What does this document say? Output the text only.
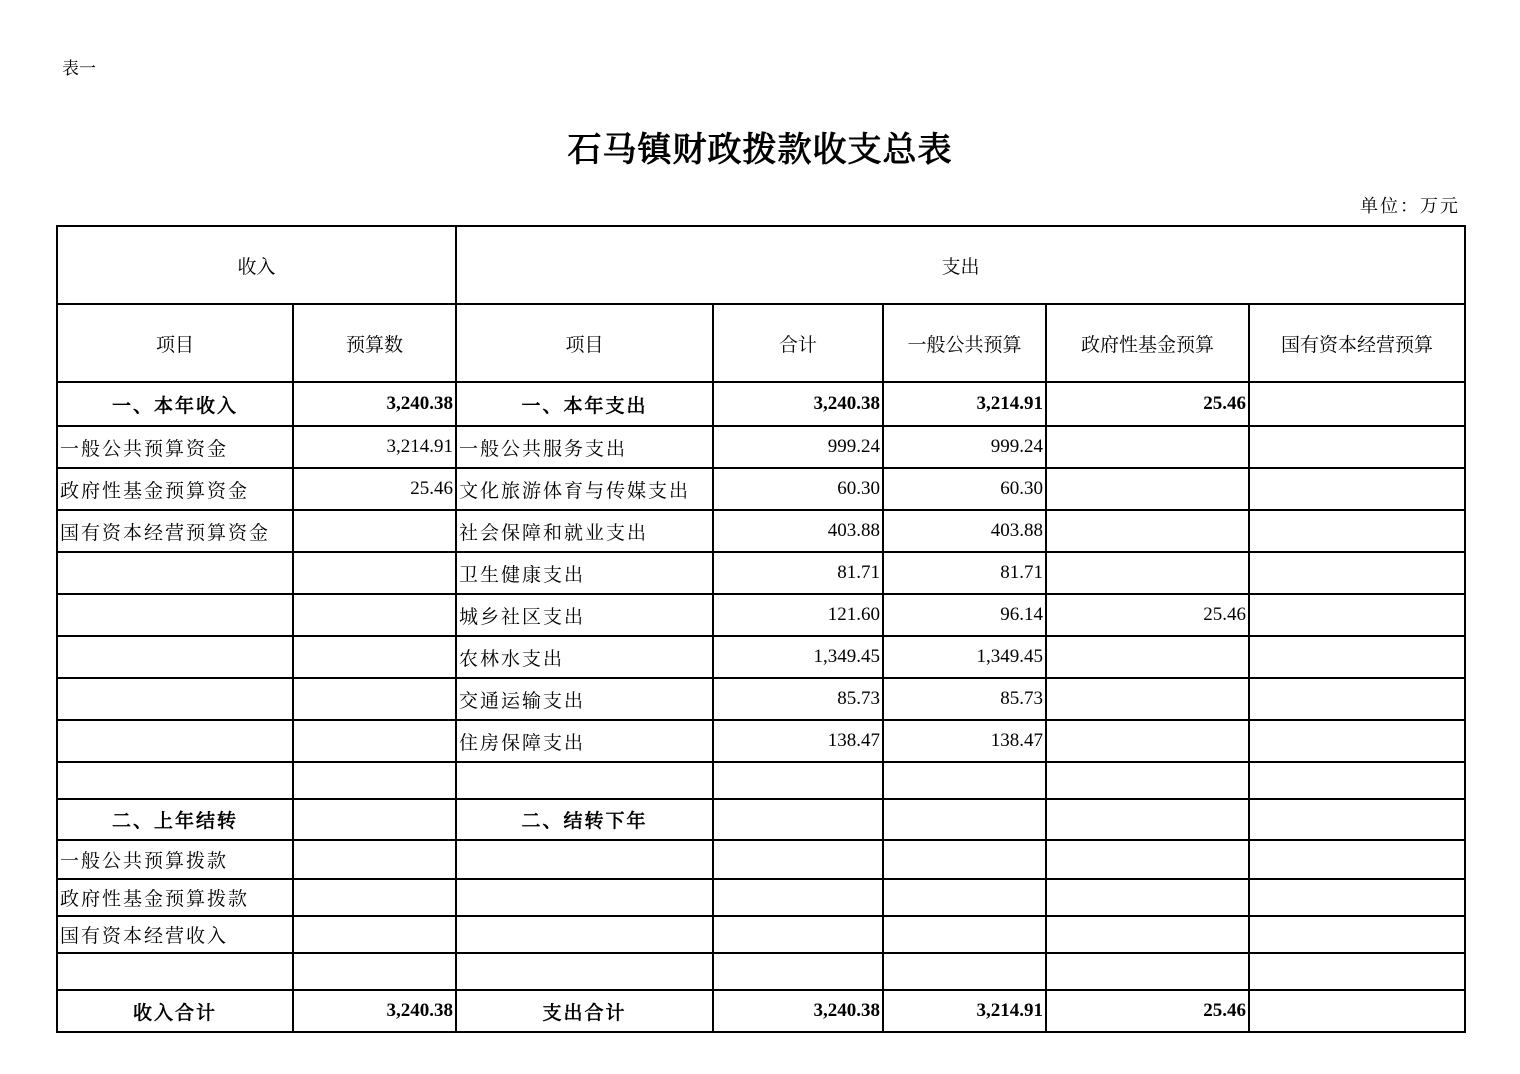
表一
石马镇财政拨款收支总表
单位：万元
收入		支出				
项目	预算数	项目	合计	一般公共预算	政府性基金预算	国有资本经营预算
一、本年收入	3,240.38	一、本年支出	3,240.38	3,214.91	25.46	
一般公共预算资金	3,214.91	一般公共服务支出	999.24	999.24		
政府性基金预算资金	25.46	文化旅游体育与传媒支出	60.30	60.30		
国有资本经营预算资金		社会保障和就业支出	403.88	403.88		
		卫生健康支出	81.71	81.71		
		城乡社区支出	121.60	96.14	25.46	
		农林水支出	1,349.45	1,349.45		
		交通运输支出	85.73	85.73		
		住房保障支出	138.47	138.47		

二、上年结转		二、结转下年				
一般公共预算拨款						
政府性基金预算拨款						
国有资本经营收入						

收入合计	3,240.38	支出合计	3,240.38	3,214.91	25.46	
